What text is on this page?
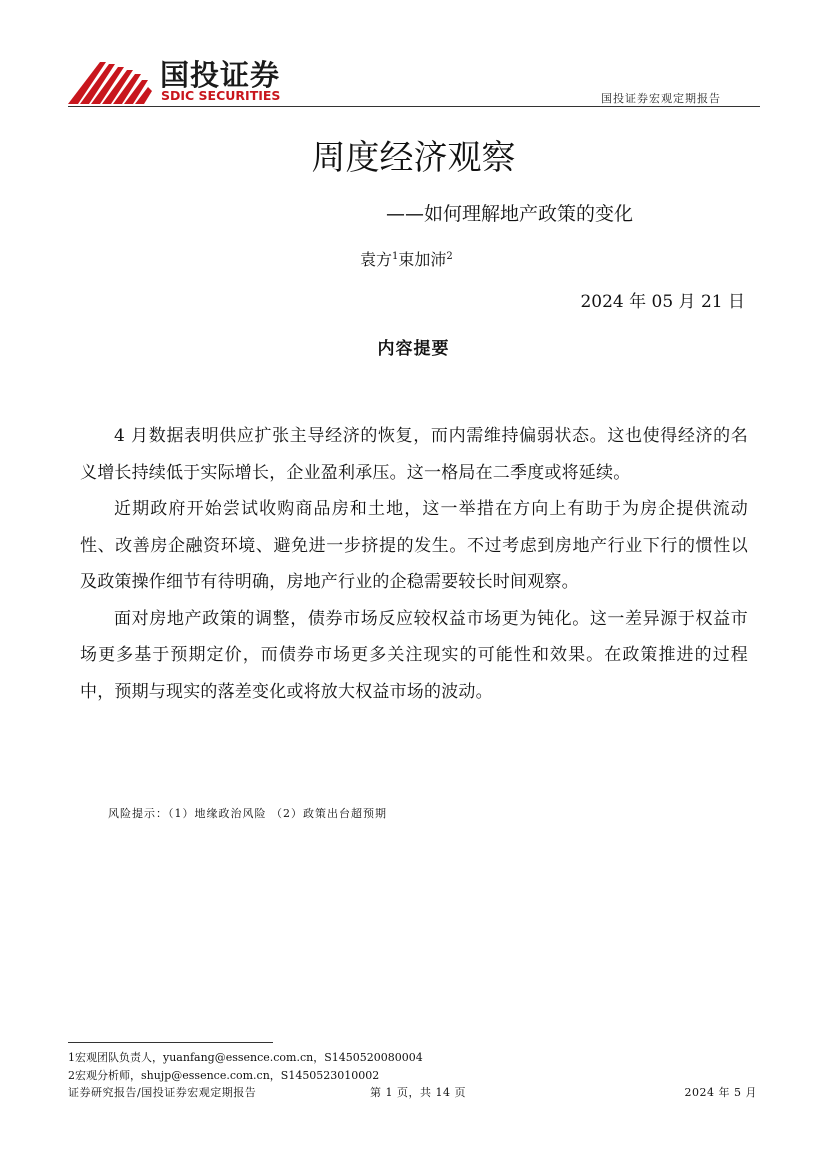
国投证券
SDIC SECURITIES	国投证券宏观定期报告
周度经济观察
——如何理解地产政策的变化
袁方$^1$束加沛$^2$
2024 年 05 月 21 日
内容提要

4 月数据表明供应扩张主导经济的恢复，而内需维持偏弱状态。这也使得经济的名义增长持续低于实际增长，企业盈利承压。这一格局在二季度或将延续。

近期政府开始尝试收购商品房和土地，这一举措在方向上有助于为房企提供流动性、改善房企融资环境、避免进一步挤提的发生。不过考虑到房地产行业下行的惯性以及政策操作细节有待明确，房地产行业的企稳需要较长时间观察。

面对房地产政策的调整，债券市场反应较权益市场更为钝化。这一差异源于权益市场更多基于预期定价，而债券市场更多关注现实的可能性和效果。在政策推进的过程中，预期与现实的落差变化或将放大权益市场的波动。

风险提示：（1）地缘政治风险 （2）政策出台超预期
1宏观团队负责人，yuanfang@essence.com.cn，S1450520080004
2宏观分析师，shujp@essence.com.cn，S1450523010002
证券研究报告/国投证券宏观定期报告	第 1 页，共 14 页	2024 年 5 月
